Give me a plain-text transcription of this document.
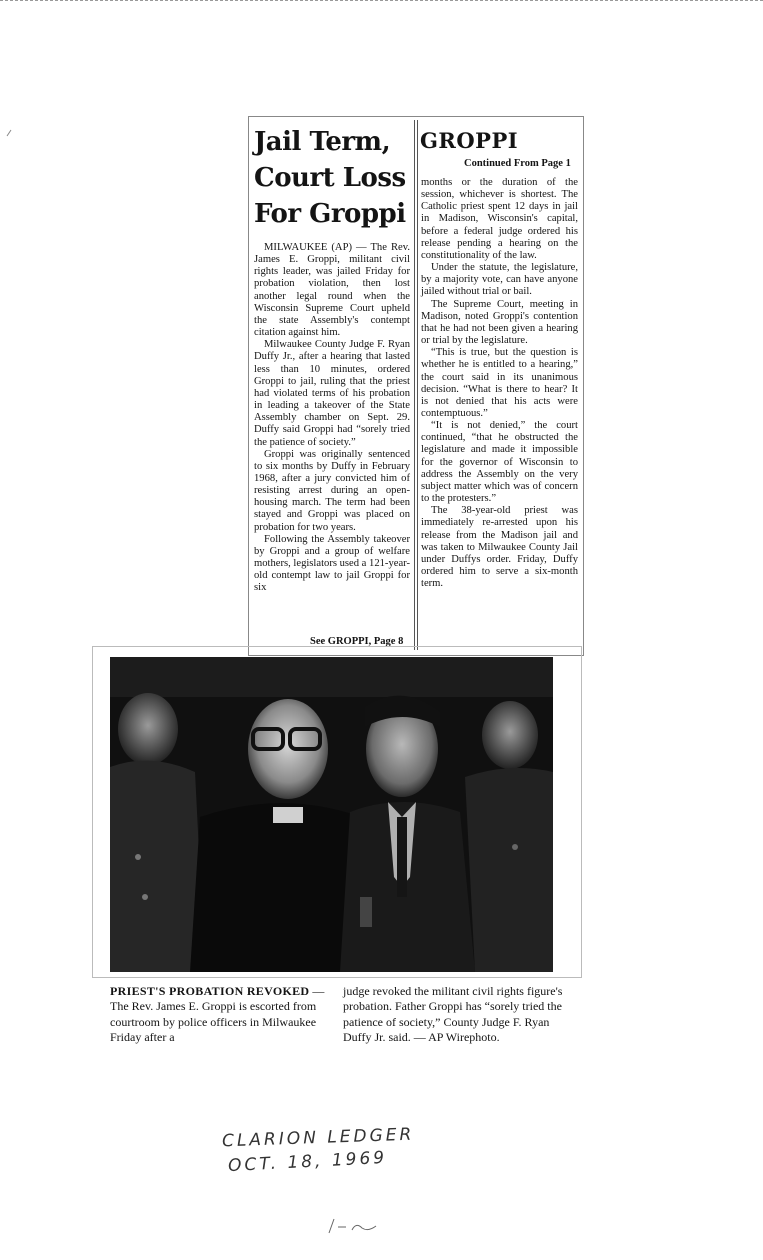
Jail Term,
Court Loss
For Groppi

MILWAUKEE (AP) — The Rev. James E. Groppi, militant civil rights leader, was jailed Friday for probation violation, then lost another legal round when the Wisconsin Supreme Court upheld the state Assembly's contempt citation against him.

Milwaukee County Judge F. Ryan Duffy Jr., after a hearing that lasted less than 10 minutes, ordered Groppi to jail, ruling that the priest had violated terms of his probation in leading a takeover of the State Assembly chamber on Sept. 29. Duffy said Groppi had “sorely tried the patience of society.”

Groppi was originally sentenced to six months by Duffy in February 1968, after a jury convicted him of resisting arrest during an open-housing march. The term had been stayed and Groppi was placed on probation for two years.

Following the Assembly takeover by Groppi and a group of welfare mothers, legislators used a 121-year-old contempt law to jail Groppi for six

See GROPPI, Page 8
GROPPI
Continued From Page 1

months or the duration of the session, whichever is shortest. The Catholic priest spent 12 days in jail in Madison, Wisconsin's capital, before a federal judge ordered his release pending a hearing on the constitutionality of the law.

Under the statute, the legislature, by a majority vote, can have anyone jailed without trial or bail.

The Supreme Court, meeting in Madison, noted Groppi's contention that he had not been given a hearing or trial by the legislature.

“This is true, but the question is whether he is entitled to a hearing,” the court said in its unanimous decision. “What is there to hear? It is not denied that his acts were contemptuous.”

“It is not denied,” the court continued, “that he obstructed the legislature and made it impossible for the governor of Wisconsin to address the Assembly on the very subject matter which was of concern to the protesters.”

The 38-year-old priest was immediately re-arrested upon his release from the Madison jail and was taken to Milwaukee County Jail under Duffys order. Friday, Duffy ordered him to serve a six-month term.

PRIEST'S PROBATION REVOKED — The Rev. James E. Groppi is escorted from courtroom by police officers in Milwaukee Friday after a
judge revoked the militant civil rights figure's probation. Father Groppi has “sorely tried the patience of society,” County Judge F. Ryan Duffy Jr. said. — AP Wirephoto.
CLARION LEDGER
OCT. 18, 1969
